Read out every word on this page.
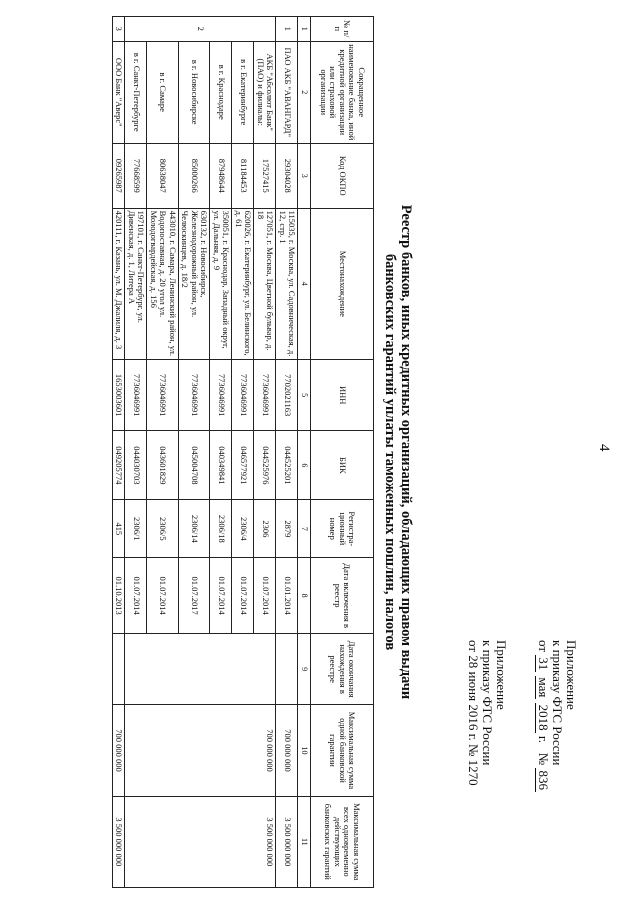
4
Приложение
к приказу ФТС России
от 31 мая 2018 г.   № 836
Приложение
к приказу ФТС России
от 28 июня 2016 г. № 1270
Реестр банков, иных кредитных организаций, обладающих правом выдачи
банковских гарантий уплаты таможенных пошлин, налогов
№ п/п	Сокращенное наименование банка, иной кредитной организации или страховой организации	Код ОКПО	Местонахождение	ИНН	БИК	Регистра-ционный номер	Дата включения в реестр	Дата окончания нахождения в реестре	Максимальная сумма одной банковской гарантии	Максимальная сумма всех одновременно действующих банковских гарантий
1	2	3	4	5	6	7	8	9	10	11
1	ПАО АКБ "АВАНГАРД"	29304028	115035, г. Москва, ул. Садовническая, д. 12, стр. 1	7702021163	044525201	2879	01.01.2014		700 000 000	3 500 000 000
2	АКБ "Абсолют Банк" (ПАО) и филиалы:	17527415	127051, г. Москва, Цветной бульвар, д. 18	7736046991	044525976	2306	01.07.2014		700 000 000	3 500 000 000
	в г. Екатеринбурге	81184453	620026, г. Екатеринбург, ул. Белинского, д. 61	7736046991	046577921	2306/4	01.07.2014			
	в г. Краснодаре	87948644	350051, г. Краснодар, Западный округ, ул. Дальняя, д. 9	7736046991	040349841	2306/18	01.07.2014			
	в г. Новосибирске	85000266	630132, г. Новосибирск, Железнодорожный район, ул. Челюскинцев, д. 18/2	7736046991	045004708	2306/14	01.07.2017			
	в г. Самаре	80638047	443010, г. Самара, Ленинский район, ул. Водопоставная, д. 20 угол ул. Молодогвардейская, д. 156	7736046991	043601829	2306/5	01.07.2014			
	в г. Санкт-Петербурге	77668599	197101, г. Санкт-Петербург, ул. Дивенская, д. 1, Литера А	7736046991	044030703	2306/1	01.07.2014			
3	ООО Банк "Аверс"	09265987	420111, г. Казань, ул. М. Джалиля, д. 3	1653003601	049205774	415	01.10.2013		700 000 000	3 500 000 000
